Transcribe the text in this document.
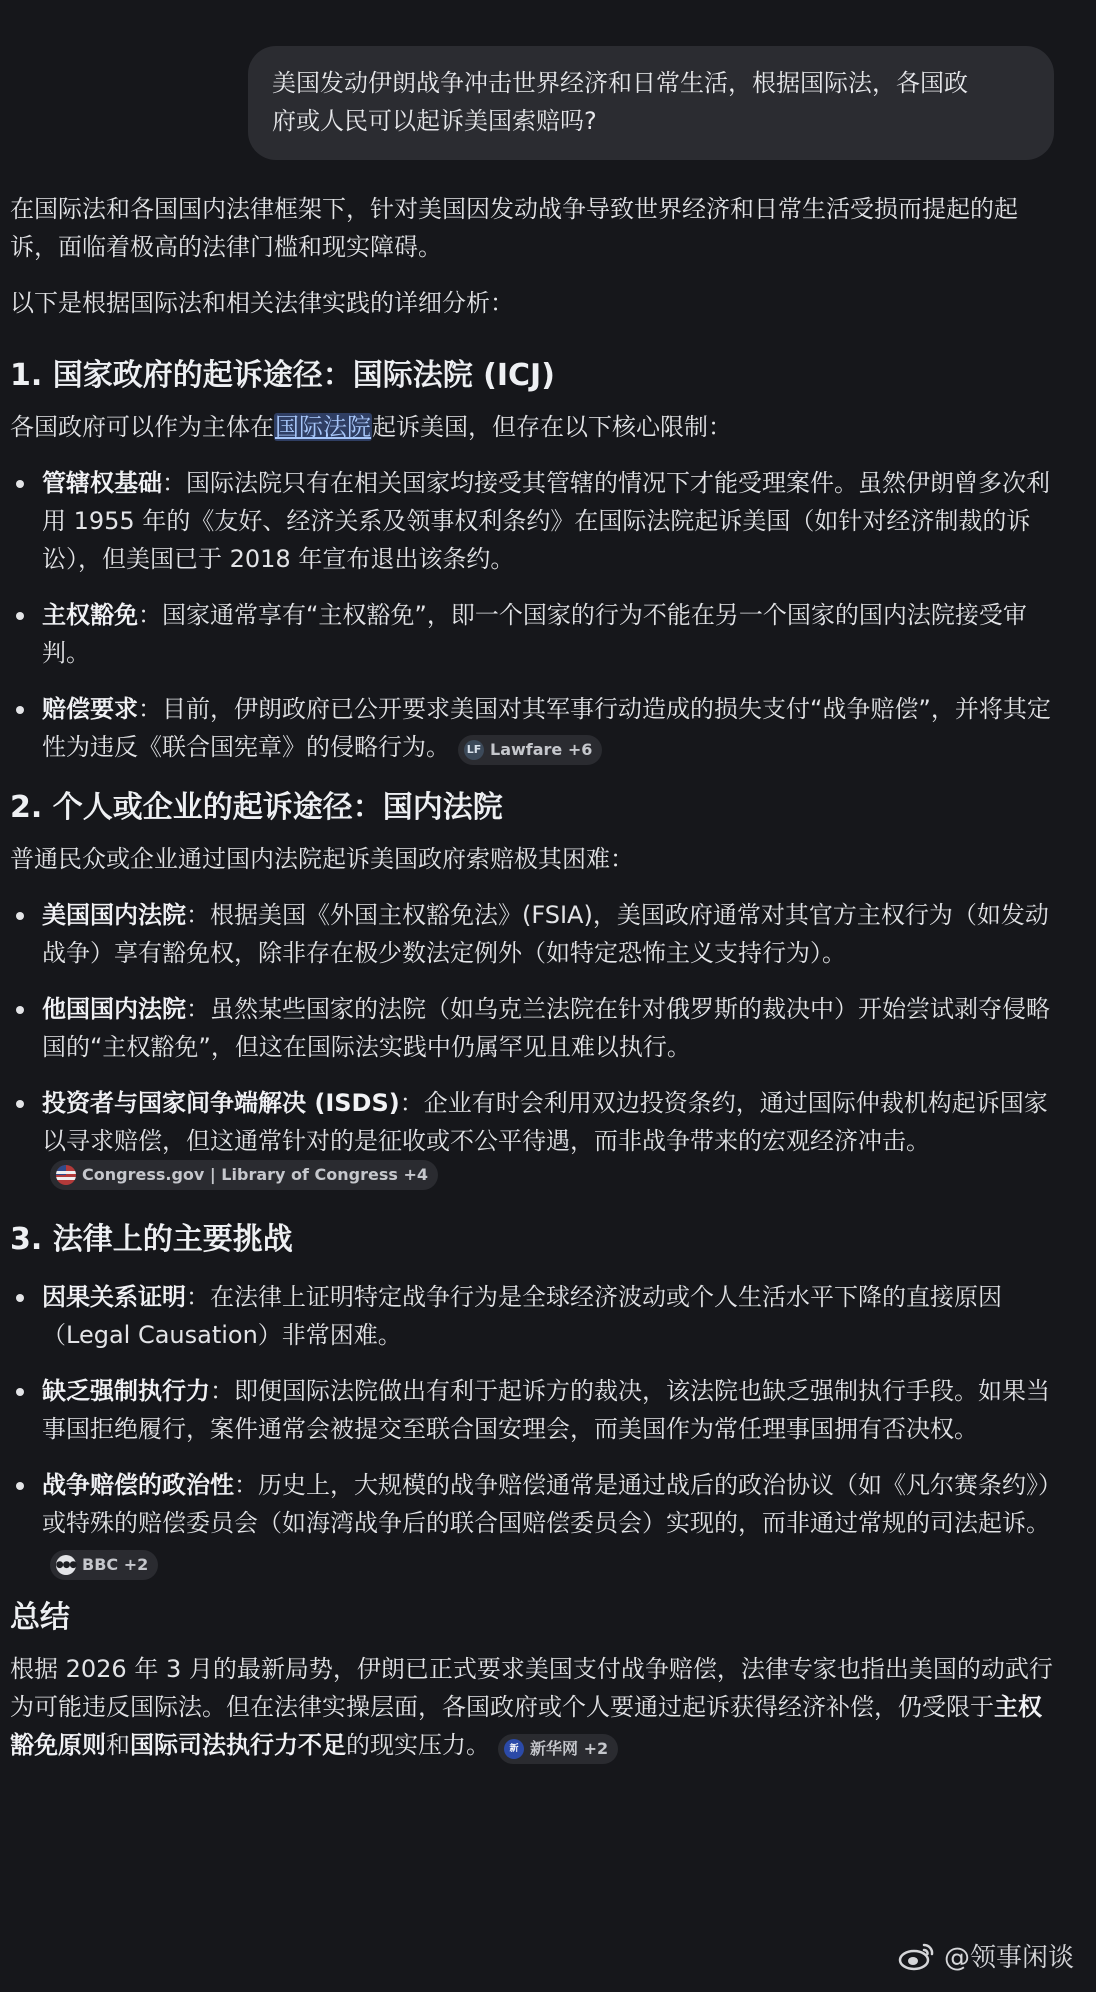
美国发动伊朗战争冲击世界经济和日常生活，根据国际法，各国政
府或人民可以起诉美国索赔吗?

在国际法和各国国内法律框架下，针对美国因发动战争导致世界经济和日常生活受损而提起的起诉，面临着极高的法律门槛和现实障碍。

以下是根据国际法和相关法律实践的详细分析：

1. 国家政府的起诉途径：国际法院 (ICJ)

各国政府可以作为主体在国际法院起诉美国，但存在以下核心限制：

管辖权基础：国际法院只有在相关国家均接受其管辖的情况下才能受理案件。虽然伊朗曾多次利用 1955 年的《友好、经济关系及领事权利条约》在国际法院起诉美国（如针对经济制裁的诉讼），但美国已于 2018 年宣布退出该条约。
主权豁免：国家通常享有“主权豁免”，即一个国家的行为不能在另一个国家的国内法院接受审判。
赔偿要求：目前，伊朗政府已公开要求美国对其军事行动造成的损失支付“战争赔偿”，并将其定性为违反《联合国宪章》的侵略行为。 LF Lawfare +6
2. 个人或企业的起诉途径：国内法院

普通民众或企业通过国内法院起诉美国政府索赔极其困难：

美国国内法院：根据美国《外国主权豁免法》(FSIA)，美国政府通常对其官方主权行为（如发动战争）享有豁免权，除非存在极少数法定例外（如特定恐怖主义支持行为）。
他国国内法院：虽然某些国家的法院（如乌克兰法院在针对俄罗斯的裁决中）开始尝试剥夺侵略国的“主权豁免”，但这在国际法实践中仍属罕见且难以执行。
投资者与国家间争端解决 (ISDS)：企业有时会利用双边投资条约，通过国际仲裁机构起诉国家以寻求赔偿，但这通常针对的是征收或不公平待遇，而非战争带来的宏观经济冲击。
Congress.gov | Library of Congress +4
3. 法律上的主要挑战
因果关系证明：在法律上证明特定战争行为是全球经济波动或个人生活水平下降的直接原因（Legal Causation）非常困难。
缺乏强制执行力：即便国际法院做出有利于起诉方的裁决，该法院也缺乏强制执行手段。如果当事国拒绝履行，案件通常会被提交至联合国安理会，而美国作为常任理事国拥有否决权。
战争赔偿的政治性：历史上，大规模的战争赔偿通常是通过战后的政治协议（如《凡尔赛条约》）或特殊的赔偿委员会（如海湾战争后的联合国赔偿委员会）实现的，而非通过常规的司法起诉。
●●● BBC +2
总结

根据 2026 年 3 月的最新局势，伊朗已正式要求美国支付战争赔偿，法律专家也指出美国的动武行为可能违反国际法。但在法律实操层面，各国政府或个人要通过起诉获得经济补偿，仍受限于主权豁免原则和国际司法执行力不足的现实压力。	新 新华网 +2

@领事闲谈
